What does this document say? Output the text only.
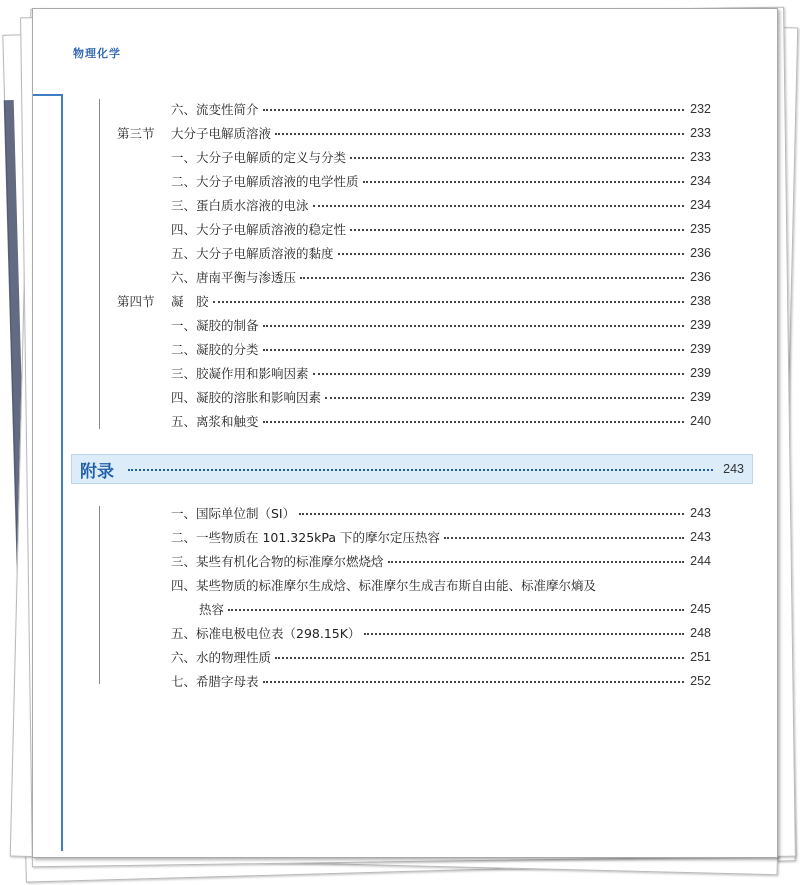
物理化学
六、流变性简介	232
第三节	大分子电解质溶液	233
一、大分子电解质的定义与分类	233
二、大分子电解质溶液的电学性质	234
三、蛋白质水溶液的电泳	234
四、大分子电解质溶液的稳定性	235
五、大分子电解质溶液的黏度	236
六、唐南平衡与渗透压	236
第四节	凝　胶	238
一、凝胶的制备	239
二、凝胶的分类	239
三、胶凝作用和影响因素	239
四、凝胶的溶胀和影响因素	239
五、离浆和触变	240
附录	243
一、国际单位制（SI）	243
二、一些物质在 101.325kPa 下的摩尔定压热容	243
三、某些有机化合物的标准摩尔燃烧焓	244
四、某些物质的标准摩尔生成焓、标准摩尔生成吉布斯自由能、标准摩尔熵及
热容	245
五、标准电极电位表（298.15K）	248
六、水的物理性质	251
七、希腊字母表	252
